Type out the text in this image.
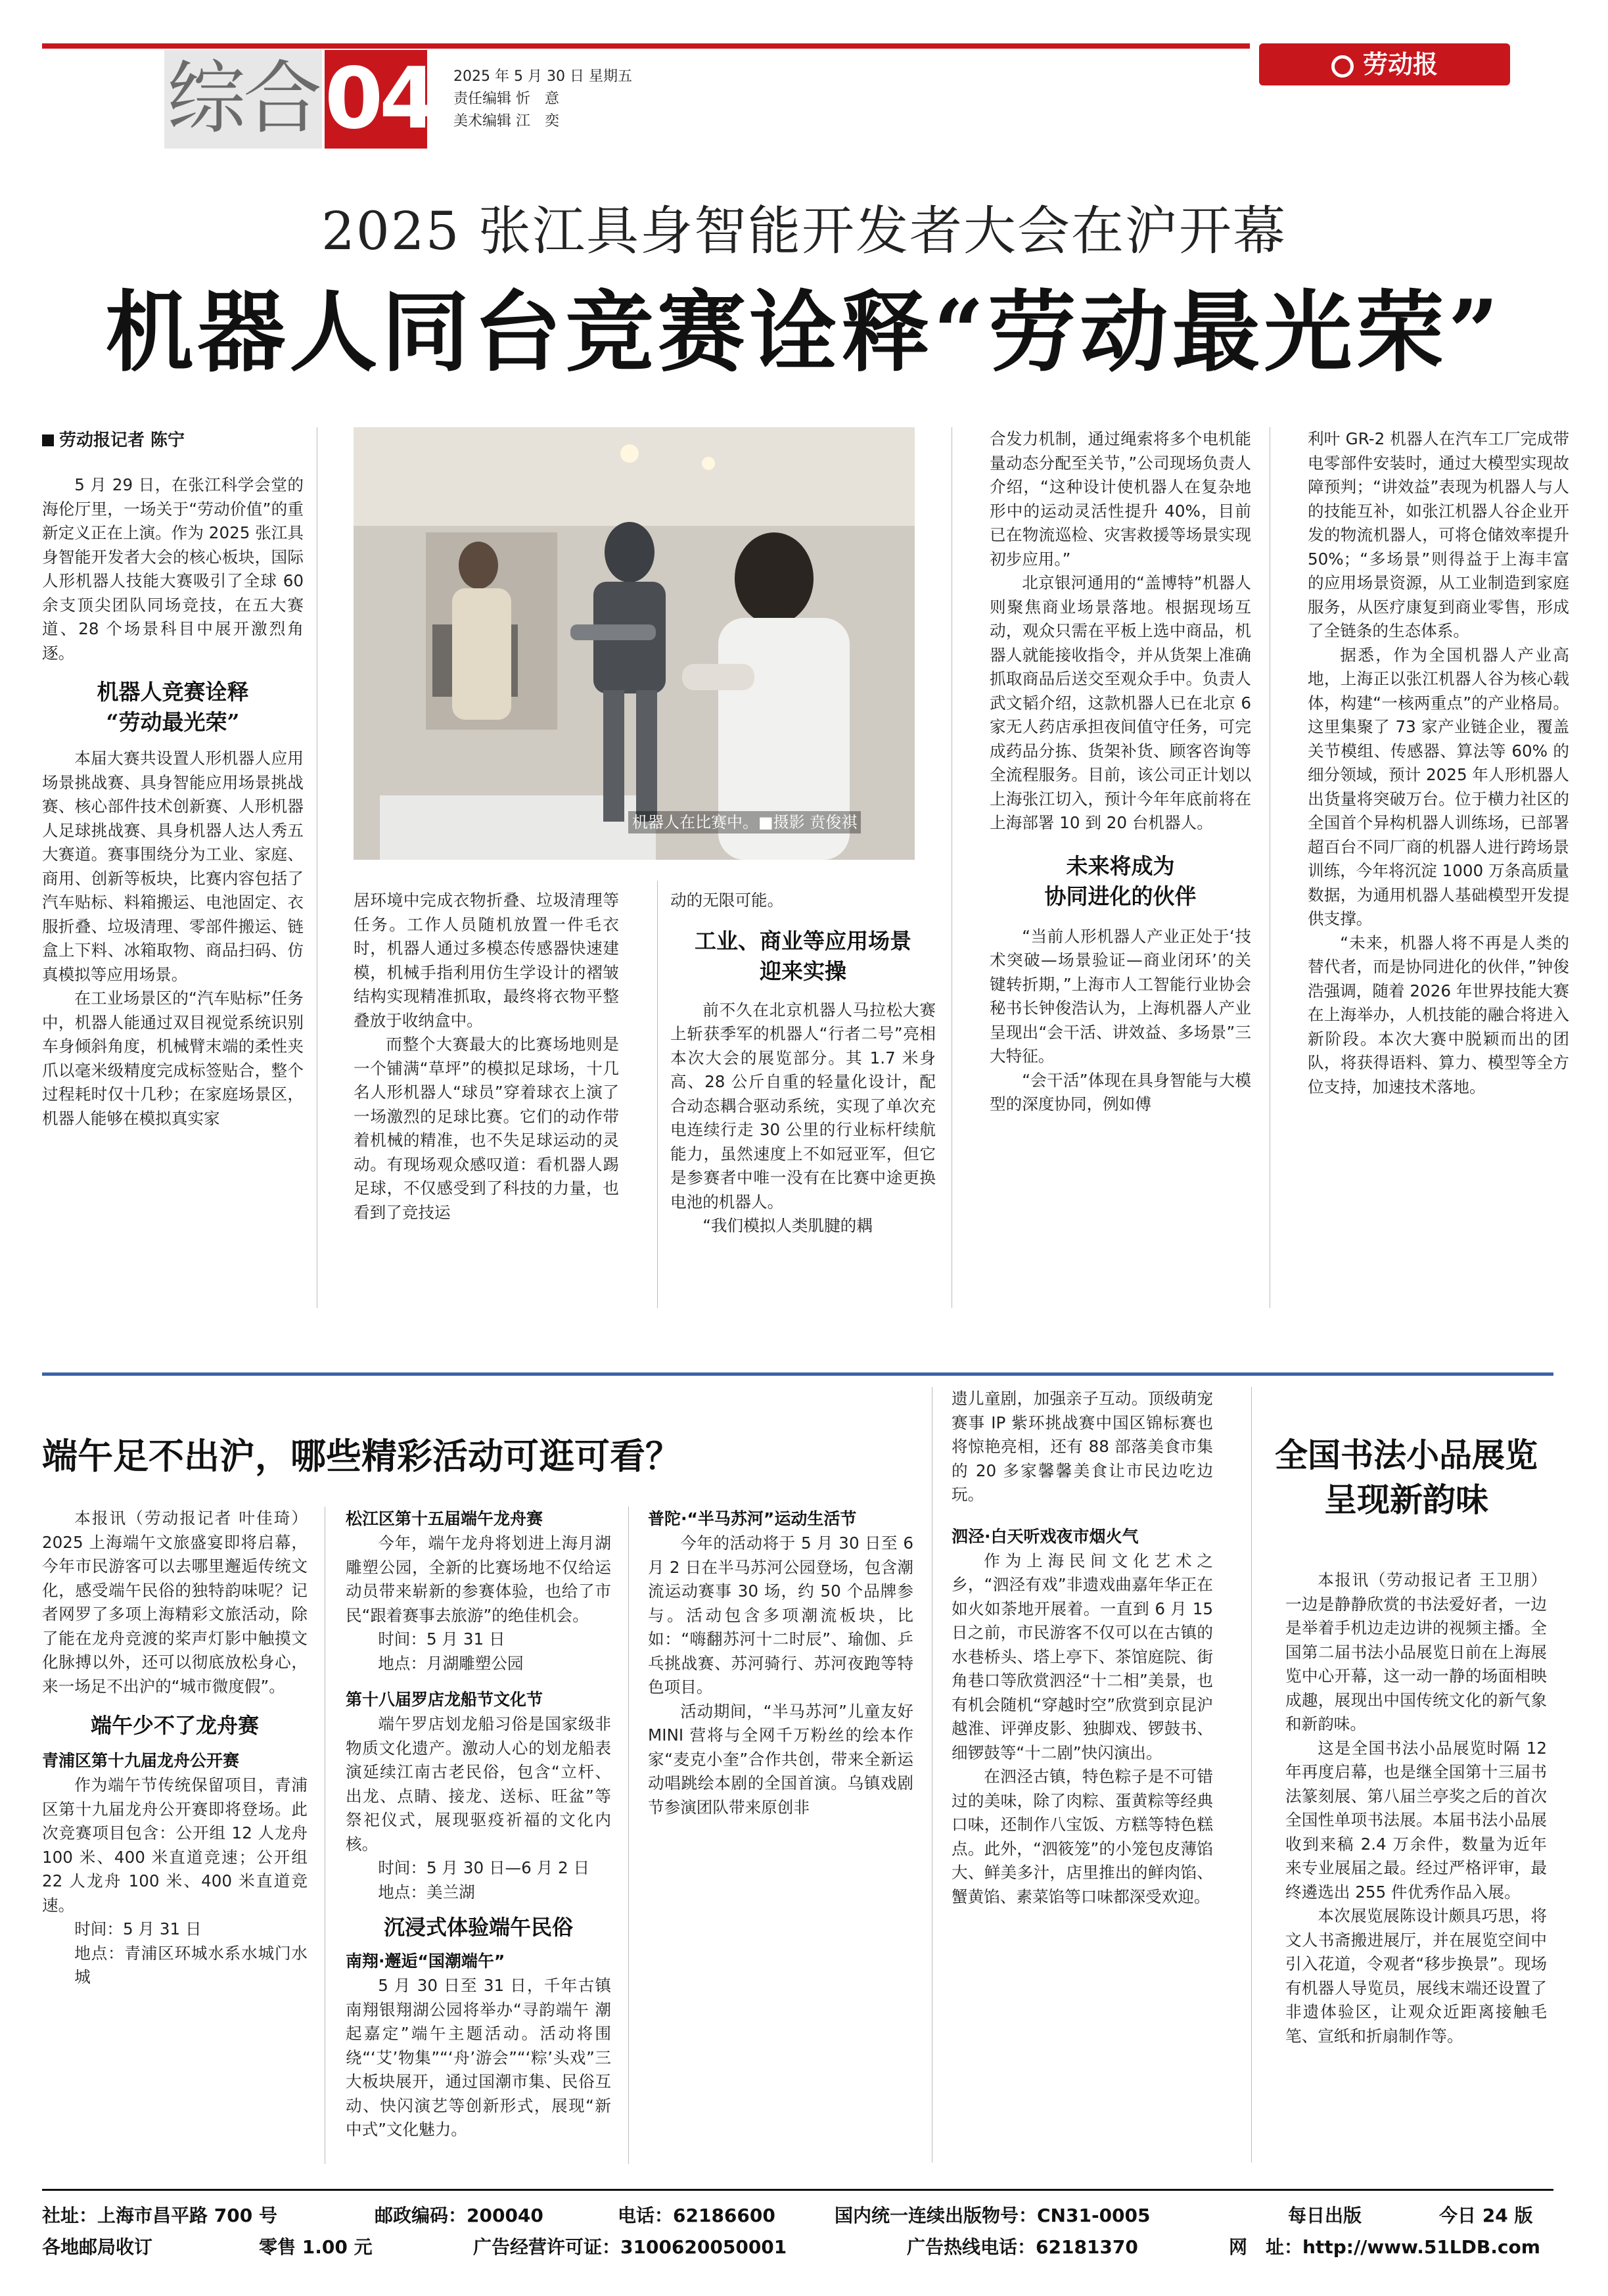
综合 04 2025 年 5 月 30 日 星期五
责任编辑 忻　意
美术编辑 江　奕
劳动报
2025 张江具身智能开发者大会在沪开幕
机器人同台竞赛诠释“劳动最光荣”
劳动报记者 陈宁

5 月 29 日，在张江科学会堂的海伦厅里，一场关于“劳动价值”的重新定义正在上演。作为 2025 张江具身智能开发者大会的核心板块，国际人形机器人技能大赛吸引了全球 60 余支顶尖团队同场竞技，在五大赛道、28 个场景科目中展开激烈角逐。

机器人竞赛诠释
“劳动最光荣”

本届大赛共设置人形机器人应用场景挑战赛、具身智能应用场景挑战赛、核心部件技术创新赛、人形机器人足球挑战赛、具身机器人达人秀五大赛道。赛事围绕分为工业、家庭、商用、创新等板块，比赛内容包括了汽车贴标、料箱搬运、电池固定、衣服折叠、垃圾清理、零部件搬运、链盒上下料、冰箱取物、商品扫码、仿真模拟等应用场景。

在工业场景区的“汽车贴标”任务中，机器人能通过双目视觉系统识别车身倾斜角度，机械臂末端的柔性夹爪以毫米级精度完成标签贴合，整个过程耗时仅十几秒；在家庭场景区，机器人能够在模拟真实家

机器人在比赛中。■摄影 贲俊祺

居环境中完成衣物折叠、垃圾清理等任务。工作人员随机放置一件毛衣时，机器人通过多模态传感器快速建模，机械手指利用仿生学设计的褶皱结构实现精准抓取，最终将衣物平整叠放于收纳盒中。

而整个大赛最大的比赛场地则是一个铺满“草坪”的模拟足球场，十几名人形机器人“球员”穿着球衣上演了一场激烈的足球比赛。它们的动作带着机械的精准，也不失足球运动的灵动。有现场观众感叹道：看机器人踢足球，不仅感受到了科技的力量，也看到了竞技运

动的无限可能。

工业、商业等应用场景
迎来实操

前不久在北京机器人马拉松大赛上斩获季军的机器人“行者二号”亮相本次大会的展览部分。其 1.7 米身高、28 公斤自重的轻量化设计，配合动态耦合驱动系统，实现了单次充电连续行走 30 公里的行业标杆续航能力，虽然速度上不如冠亚军，但它是参赛者中唯一没有在比赛中途更换电池的机器人。

“我们模拟人类肌腱的耦

合发力机制，通过绳索将多个电机能量动态分配至关节，”公司现场负责人介绍，“这种设计使机器人在复杂地形中的运动灵活性提升 40%，目前已在物流巡检、灾害救援等场景实现初步应用。”

北京银河通用的“盖博特”机器人则聚焦商业场景落地。根据现场互动，观众只需在平板上选中商品，机器人就能接收指令，并从货架上准确抓取商品后送交至观众手中。负责人武文韬介绍，这款机器人已在北京 6 家无人药店承担夜间值守任务，可完成药品分拣、货架补货、顾客咨询等全流程服务。目前，该公司正计划以上海张江切入，预计今年年底前将在上海部署 10 到 20 台机器人。

未来将成为
协同进化的伙伴

“当前人形机器人产业正处于‘技术突破—场景验证—商业闭环’的关键转折期，”上海市人工智能行业协会秘书长钟俊浩认为，上海机器人产业呈现出“会干活、讲效益、多场景”三大特征。

“会干活”体现在具身智能与大模型的深度协同，例如傅

利叶 GR-2 机器人在汽车工厂完成带电零部件安装时，通过大模型实现故障预判；“讲效益”表现为机器人与人的技能互补，如张江机器人谷企业开发的物流机器人，可将仓储效率提升 50%；“多场景”则得益于上海丰富的应用场景资源，从工业制造到家庭服务，从医疗康复到商业零售，形成了全链条的生态体系。

据悉，作为全国机器人产业高地，上海正以张江机器人谷为核心载体，构建“一核两重点”的产业格局。这里集聚了 73 家产业链企业，覆盖关节模组、传感器、算法等 60% 的细分领域，预计 2025 年人形机器人出货量将突破万台。位于横力社区的全国首个异构机器人训练场，已部署超百台不同厂商的机器人进行跨场景训练，今年将沉淀 1000 万条高质量数据，为通用机器人基础模型开发提供支撑。

“未来，机器人将不再是人类的替代者，而是协同进化的伙伴，”钟俊浩强调，随着 2026 年世界技能大赛在上海举办，人机技能的融合将进入新阶段。本次大赛中脱颖而出的团队，将获得语料、算力、模型等全方位支持，加速技术落地。

端午足不出沪，哪些精彩活动可逛可看？

本报讯（劳动报记者 叶佳琦）2025 上海端午文旅盛宴即将启幕，今年市民游客可以去哪里邂逅传统文化，感受端午民俗的独特韵味呢？记者网罗了多项上海精彩文旅活动，除了能在龙舟竞渡的桨声灯影中触摸文化脉搏以外，还可以彻底放松身心，来一场足不出沪的“城市微度假”。

端午少不了龙舟赛
青浦区第十九届龙舟公开赛

作为端午节传统保留项目，青浦区第十九届龙舟公开赛即将登场。此次竞赛项目包含：公开组 12 人龙舟 100 米、400 米直道竞速；公开组 22 人龙舟 100 米、400 米直道竞速。

时间：5 月 31 日
地点：青浦区环城水系水城门水城
松江区第十五届端午龙舟赛

今年，端午龙舟将划进上海月湖雕塑公园，全新的比赛场地不仅给运动员带来崭新的参赛体验，也给了市民“跟着赛事去旅游”的绝佳机会。

时间：5 月 31 日
地点：月湖雕塑公园
第十八届罗店龙船节文化节

端午罗店划龙船习俗是国家级非物质文化遗产。激动人心的划龙船表演延续江南古老民俗，包含“立杆、出龙、点睛、接龙、送标、旺盆”等祭祀仪式，展现驱疫祈福的文化内核。

时间：5 月 30 日—6 月 2 日
地点：美兰湖
沉浸式体验端午民俗
南翔·邂逅“国潮端午”

5 月 30 日至 31 日，千年古镇南翔银翔湖公园将举办“寻韵端午 潮起嘉定”端午主题活动。活动将围绕“‘艾’物集”“‘舟’游会”“‘粽’头戏”三大板块展开，通过国潮市集、民俗互动、快闪演艺等创新形式，展现“新中式”文化魅力。

普陀·“半马苏河”运动生活节

今年的活动将于 5 月 30 日至 6 月 2 日在半马苏河公园登场，包含潮流运动赛事 30 场，约 50 个品牌参与。活动包含多项潮流板块，比如：“嗨翻苏河十二时辰”、瑜伽、乒乓挑战赛、苏河骑行、苏河夜跑等特色项目。

活动期间，“半马苏河”儿童友好 MINI 营将与全网千万粉丝的绘本作家“麦克小奎”合作共创，带来全新运动唱跳绘本剧的全国首演。乌镇戏剧节参演团队带来原创非

遗儿童剧，加强亲子互动。顶级萌宠赛事 IP 紫环挑战赛中国区锦标赛也将惊艳亮相，还有 88 部落美食市集的 20 多家馨馨美食让市民边吃边玩。

泗泾·白天听戏夜市烟火气

作为上海民间文化艺术之乡，“泗泾有戏”非遗戏曲嘉年华正在如火如荼地开展着。一直到 6 月 15 日之前，市民游客不仅可以在古镇的水巷桥头、塔上亭下、茶馆庭院、街角巷口等欣赏泗泾“十二相”美景，也有机会随机“穿越时空”欣赏到京昆沪越淮、评弹皮影、独脚戏、锣鼓书、细锣鼓等“十二剧”快闪演出。

在泗泾古镇，特色粽子是不可错过的美味，除了肉粽、蛋黄粽等经典口味，还制作八宝饭、方糕等特色糕点。此外，“泗筱笼”的小笼包皮薄馅大、鲜美多汁，店里推出的鲜肉馅、蟹黄馅、素菜馅等口味都深受欢迎。

全国书法小品展览
呈现新韵味

本报讯（劳动报记者 王卫朋）一边是静静欣赏的书法爱好者，一边是举着手机边走边讲的视频主播。全国第二届书法小品展览日前在上海展览中心开幕，这一动一静的场面相映成趣，展现出中国传统文化的新气象和新韵味。

这是全国书法小品展览时隔 12 年再度启幕，也是继全国第十三届书法篆刻展、第八届兰亭奖之后的首次全国性单项书法展。本届书法小品展收到来稿 2.4 万余件，数量为近年来专业展届之最。经过严格评审，最终遴选出 255 件优秀作品入展。

本次展览展陈设计颇具巧思，将文人书斋搬进展厅，并在展览空间中引入花道，令观者“移步换景”。现场有机器人导览员，展线末端还设置了非遗体验区，让观众近距离接触毛笔、宣纸和折扇制作等。

社址：上海市昌平路 700 号	邮政编码：200040	电话：62186600	国内统一连续出版物号：CN31-0005	每日出版	今日 24 版
各地邮局收订	零售 1.00 元	广告经营许可证：3100620050001	广告热线电话：62181370	网　址：http://www.51LDB.com
